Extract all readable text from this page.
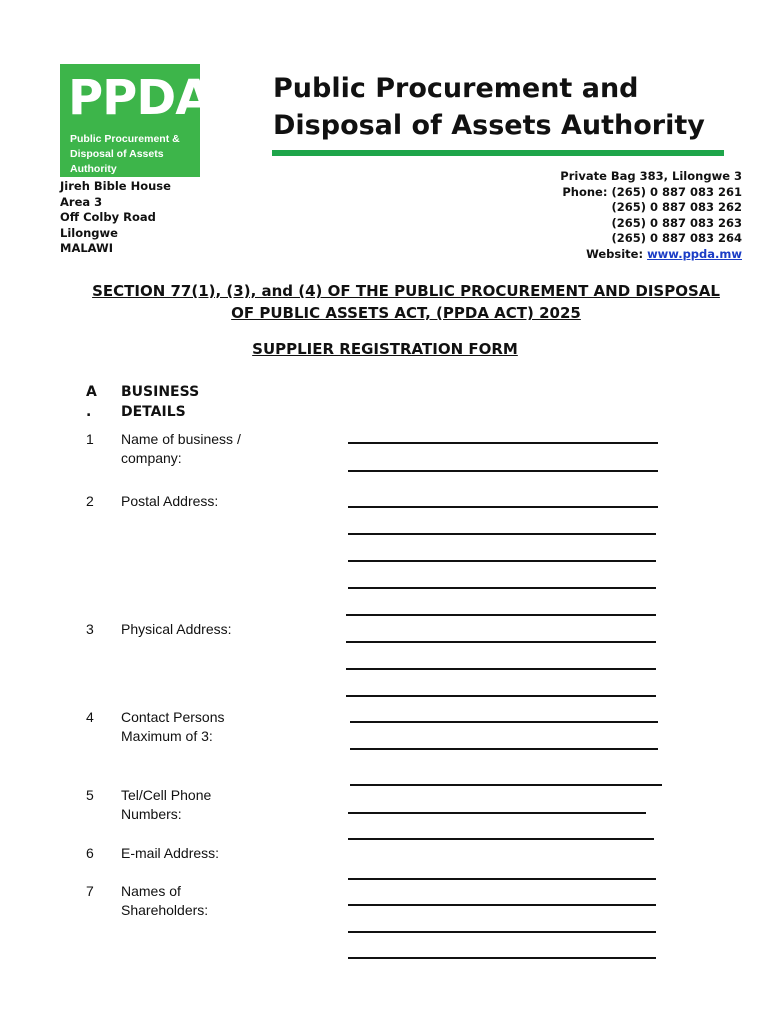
PPDA
Public Procurement &
Disposal of Assets Authority
Public Procurement and
Disposal of Assets Authority
Jireh Bible House
Area 3
Off Colby Road
Lilongwe
MALAWI
Private Bag 383, Lilongwe 3
Phone: (265) 0 887 083 261
(265) 0 887 083 262
(265) 0 887 083 263
(265) 0 887 083 264
Website: www.ppda.mw
SECTION 77(1), (3), and (4) OF THE PUBLIC PROCUREMENT AND DISPOSAL
OF PUBLIC ASSETS ACT, (PPDA ACT) 2025
SUPPLIER REGISTRATION FORM
A
.
BUSINESS
DETAILS
1 Name of business /
company:
2 Postal Address:
3 Physical Address:
4 Contact Persons
Maximum of 3:
5 Tel/Cell Phone
Numbers:
6 E-mail Address:
7 Names of
Shareholders:
